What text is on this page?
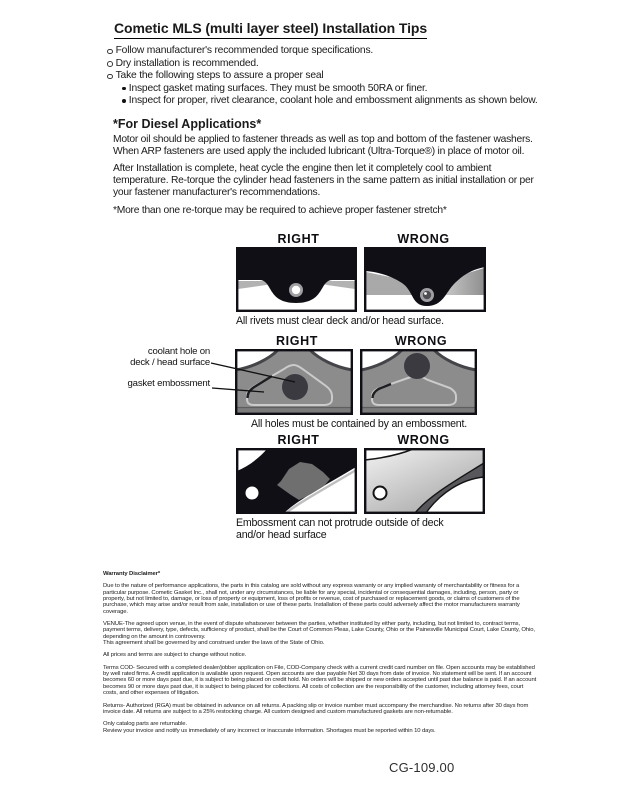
Cometic MLS (multi layer steel) Installation Tips
Follow manufacturer's recommended torque specifications.
Dry installation is recommended.
Take the following steps to assure a proper seal
Inspect gasket mating surfaces. They must be smooth 50RA or finer.
Inspect for proper, rivet clearance, coolant hole and embossment alignments as shown below.
*For Diesel Applications*
Motor oil should be applied to fastener threads as well as top and bottom of the fastener washers. When ARP fasteners are used apply the included lubricant (Ultra-Torque®) in place of motor oil.
After Installation is complete, heat cycle the engine then let it completely cool to ambient temperature. Re-torque the cylinder head fasteners in the same pattern as initial installation or per your fastener manufacturer's recommendations.
*More than one re-torque may be required to achieve proper fastener stretch*
RIGHT	WRONG
All rivets must clear deck and/or head surface.
RIGHT	WRONG
All holes must be contained by an embossment.
coolant hole on
deck / head surface
gasket embossment
RIGHT	WRONG
Embossment can not protrude outside of deck and/or head surface

Warranty Disclaimer*

Due to the nature of performance applications, the parts in this catalog are sold without any express warranty or any implied warranty of merchantability or fitness for a particular purpose. Cometic Gasket Inc., shall not, under any circumstances, be liable for any special, incidental or consequential damages, including, person, party or property, but not limited to, damage, or loss of property or equipment, loss of profits or revenue, cost of purchased or replacement goods, or claims of customers of the purchase, which may arise and/or result from sale, installation or use of these parts. Installation of these parts could adversely affect the motor manufacturers warranty coverage.

VENUE-The agreed upon venue, in the event of dispute whatsoever between the parties, whether instituted by either party, including, but not limited to, contract terms, payment terms, delivery, type, defects, sufficiency of product, shall be the Court of Common Pleas, Lake County, Ohio or the Painesville Municipal Court, Lake County, Ohio, depending on the amount in controversy.

This agreement shall be governed by and construed under the laws of the State of Ohio.

All prices and terms are subject to change without notice.

Terms COD- Secured with a completed dealer/jobber application on File, COD-Company check with a current credit card number on file. Open accounts may be established by well rated firms. A credit application is available upon request. Open accounts are due payable Net 30 days from date of invoice. No statement will be sent. If an account becomes 60 or more days past due, it is subject to being placed on credit hold. No orders will be shipped or new orders accepted until past due balance is paid. If an account becomes 90 or more days past due, it is subject to being placed for collections. All costs of collection are the responsibility of the customer, including attorney fees, court costs, and other expenses of litigation.

Returns- Authorized (RGA) must be obtained in advance on all returns. A packing slip or invoice number must accompany the merchandise. No returns after 30 days from invoice date. All returns are subject to a 25% restocking charge. All custom designed and custom manufactured gaskets are non-returnable.

Only catalog parts are returnable.

Review your invoice and notify us immediately of any incorrect or inaccurate information. Shortages must be reported within 10 days.

CG-109.00
